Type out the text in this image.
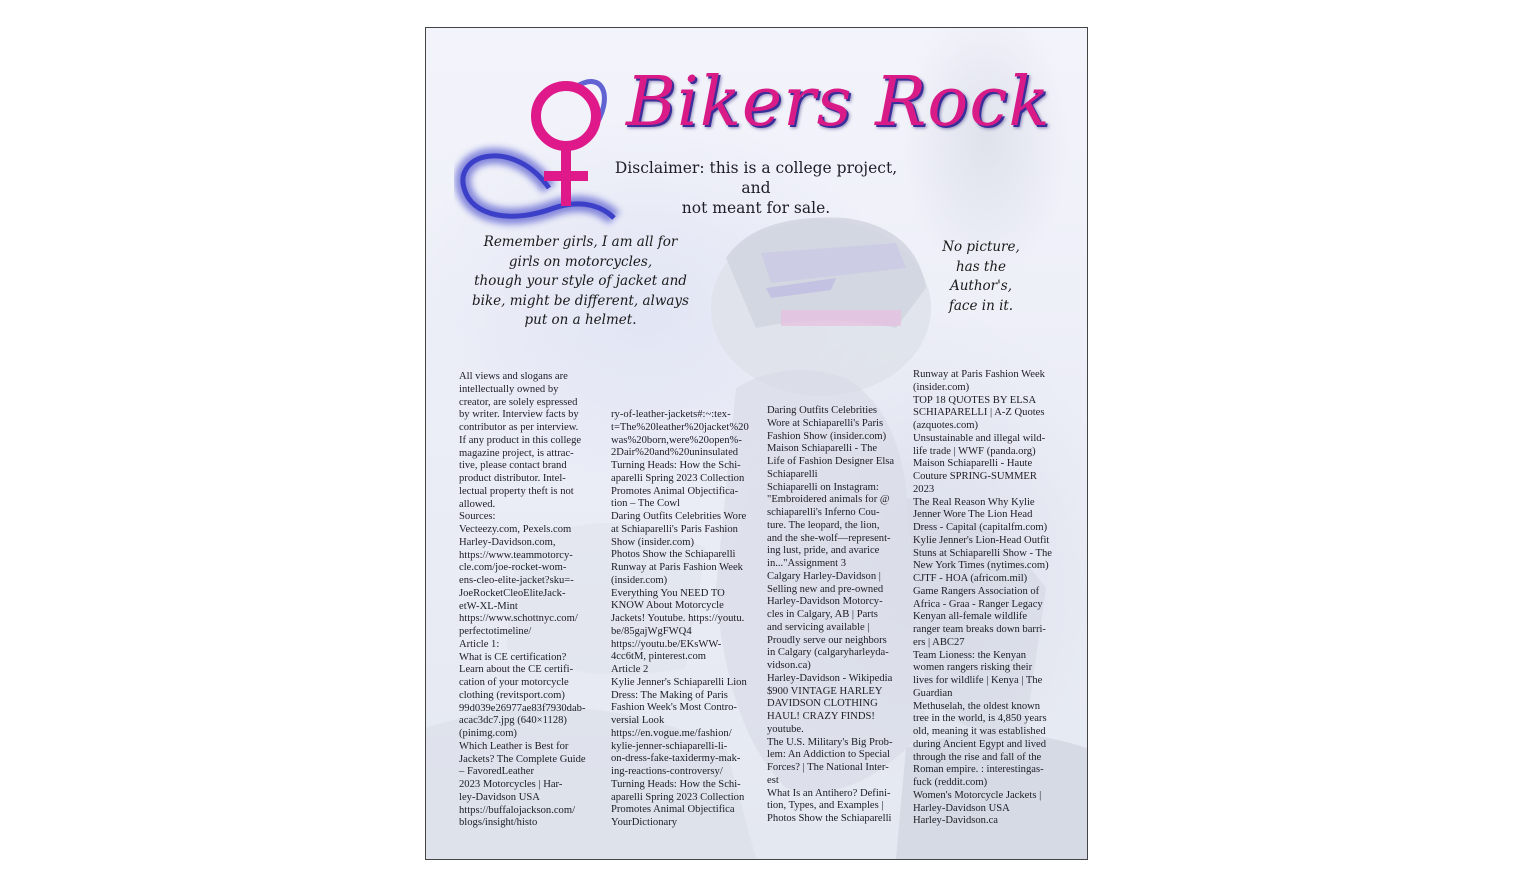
Bikers Rock
Disclaimer: this is a college project, and
not meant for sale.
Remember girls, I am all for
girls on motorcycles,
though your style of jacket and
bike, might be different, always
put on a helmet.
No picture,
has the
Author's,
face in it.

All views and slogans are

intellectually owned by

creator, are solely espressed

by writer. Interview facts by

contributor as per interview.

If any product in this college

magazine project, is attrac-

tive, please contact brand

product distributor. Intel-

lectual property theft is not

allowed.

Sources:

Vecteezy.com, Pexels.com

Harley-Davidson.com,

https://www.teammotorcy-

cle.com/joe-rocket-wom-

ens-cleo-elite-jacket?sku=-

JoeRocketCleoEliteJack-

etW-XL-Mint

https://www.schottnyc.com/

perfectotimeline/

Article 1:

What is CE certification?

Learn about the CE certifi-

cation of your motorcycle

clothing (revitsport.com)

99d039e26977ae83f7930dab-

acac3dc7.jpg (640×1128)

(pinimg.com)

Which Leather is Best for

Jackets? The Complete Guide

– FavoredLeather

2023 Motorcycles | Har-

ley-Davidson USA

https://buffalojackson.com/

blogs/insight/histo

ry-of-leather-jackets#:~:tex-

t=The%20leather%20jacket%20

was%20born,were%20open%-

2Dair%20and%20uninsulated

Turning Heads: How the Schi-

aparelli Spring 2023 Collection

Promotes Animal Objectifica-

tion – The Cowl

Daring Outfits Celebrities Wore

at Schiaparelli's Paris Fashion

Show (insider.com)

Photos Show the Schiaparelli

Runway at Paris Fashion Week

(insider.com)

Everything You NEED TO

KNOW About Motorcycle

Jackets! Youtube. https://youtu.

be/85gajWgFWQ4

https://youtu.be/EKsWW-

4cc6tM, pinterest.com

Article 2

Kylie Jenner's Schiaparelli Lion

Dress: The Making of Paris

Fashion Week's Most Contro-

versial Look

https://en.vogue.me/fashion/

kylie-jenner-schiaparelli-li-

on-dress-fake-taxidermy-mak-

ing-reactions-controversy/

Turning Heads: How the Schi-

aparelli Spring 2023 Collection

Promotes Animal Objectifica

YourDictionary

Daring Outfits Celebrities

Wore at Schiaparelli's Paris

Fashion Show (insider.com)

Maison Schiaparelli - The

Life of Fashion Designer Elsa

Schiaparelli

Schiaparelli on Instagram:

"Embroidered animals for @

schiaparelli's Inferno Cou-

ture. The leopard, the lion,

and the she-wolf—represent-

ing lust, pride, and avarice

in..."Assignment 3

Calgary Harley-Davidson |

Selling new and pre-owned

Harley-Davidson Motorcy-

cles in Calgary, AB | Parts

and servicing available |

Proudly serve our neighbors

in Calgary (calgaryharleyda-

vidson.ca)

Harley-Davidson - Wikipedia

$900 VINTAGE HARLEY

DAVIDSON CLOTHING

HAUL! CRAZY FINDS!

youtube.

The U.S. Military's Big Prob-

lem: An Addiction to Special

Forces? | The National Inter-

est

What Is an Antihero? Defini-

tion, Types, and Examples |

Photos Show the Schiaparelli

Runway at Paris Fashion Week

(insider.com)

TOP 18 QUOTES BY ELSA

SCHIAPARELLI | A-Z Quotes

(azquotes.com)

Unsustainable and illegal wild-

life trade | WWF (panda.org)

Maison Schiaparelli - Haute

Couture SPRING-SUMMER

2023

The Real Reason Why Kylie

Jenner Wore The Lion Head

Dress - Capital (capitalfm.com)

Kylie Jenner's Lion-Head Outfit

Stuns at Schiaparelli Show - The

New York Times (nytimes.com)

CJTF - HOA (africom.mil)

Game Rangers Association of

Africa - Graa - Ranger Legacy

Kenyan all-female wildlife

ranger team breaks down barri-

ers | ABC27

Team Lioness: the Kenyan

women rangers risking their

lives for wildlife | Kenya | The

Guardian

Methuselah, the oldest known

tree in the world, is 4,850 years

old, meaning it was established

during Ancient Egypt and lived

through the rise and fall of the

Roman empire. : interestingas-

fuck (reddit.com)

Women's Motorcycle Jackets |

Harley-Davidson USA

Harley-Davidson.ca
